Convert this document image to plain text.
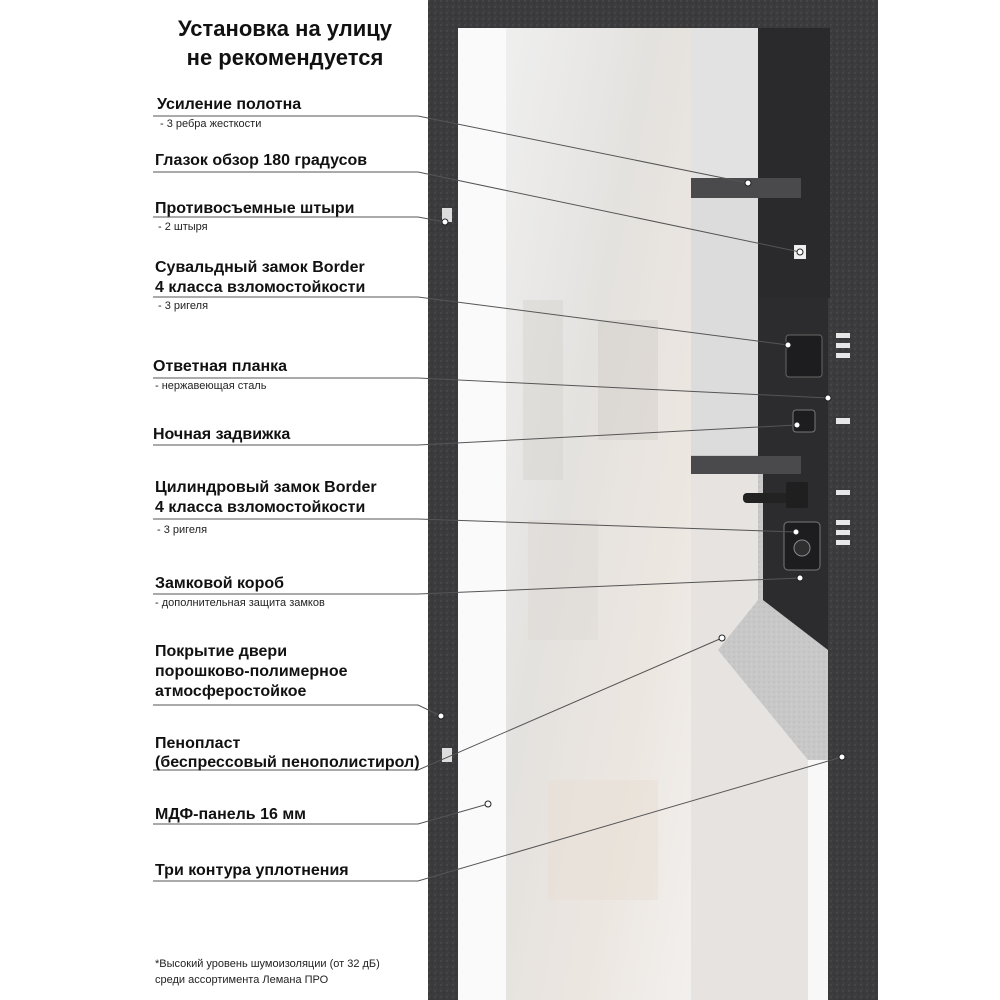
Установка на улицу
не рекомендуется
Усиление полотна
- 3 ребра жесткости
Глазок обзор 180 градусов
Противосъемные штыри
- 2 штыря
Сувальдный замок Border
4 класса взломостойкости
- 3 ригеля
Ответная планка
- нержавеющая сталь
Ночная задвижка
Цилиндровый замок Border
4 класса взломостойкости
- 3 ригеля
Замковой короб
- дополнительная защита замков
Покрытие двери
порошково-полимерное
атмосферостойкое
Пенопласт
(беспрессовый пенополистирол)
МДФ-панель 16 мм
Три контура уплотнения
*Высокий уровень шумоизоляции (от 32 дБ)
среди ассортимента Лемана ПРО
